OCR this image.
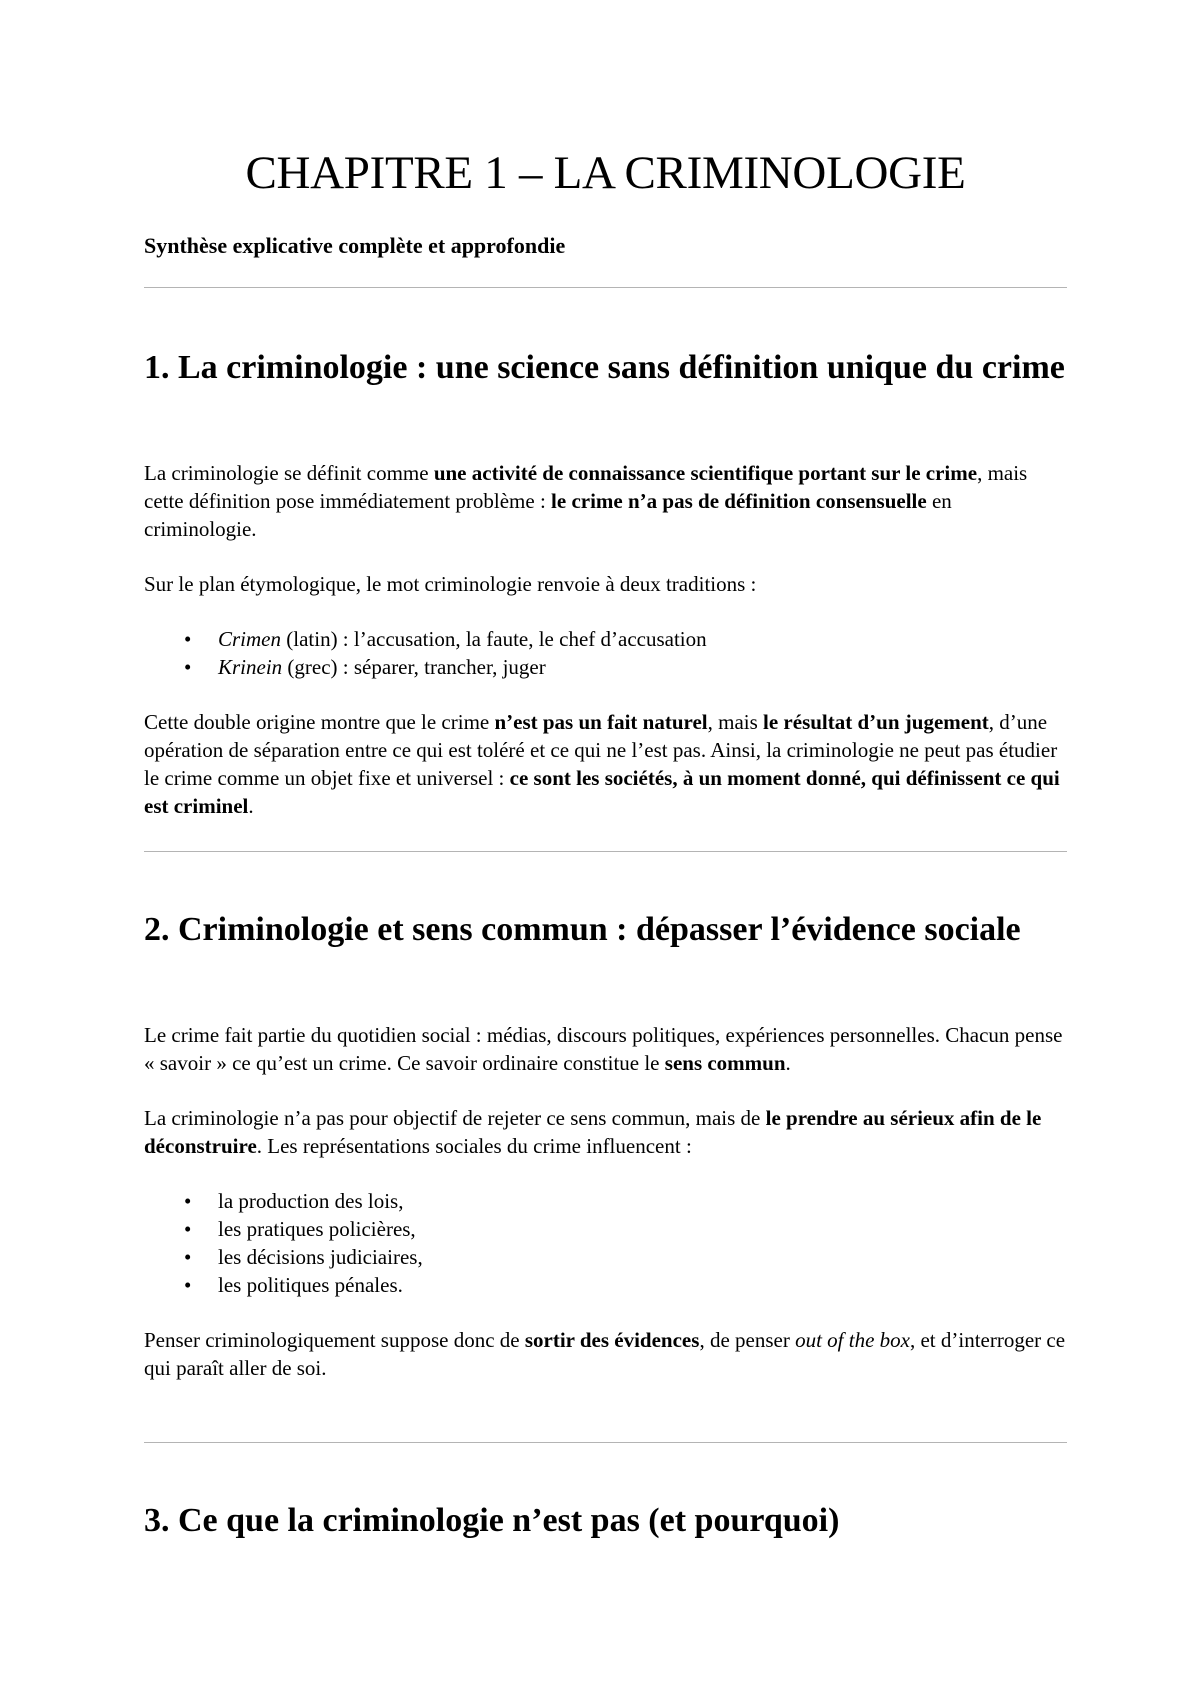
CHAPITRE 1 – LA CRIMINOLOGIE

Synthèse explicative complète et approfondie

1. La criminologie : une science sans définition unique du crime

La criminologie se définit comme une activité de connaissance scientifique portant sur le crime, mais cette définition pose immédiatement problème : le crime n’a pas de définition consensuelle en criminologie.

Sur le plan étymologique, le mot criminologie renvoie à deux traditions :

• Crimen (latin) : l’accusation, la faute, le chef d’accusation
• Krinein (grec) : séparer, trancher, juger

Cette double origine montre que le crime n’est pas un fait naturel, mais le résultat d’un jugement, d’une opération de séparation entre ce qui est toléré et ce qui ne l’est pas. Ainsi, la criminologie ne peut pas étudier le crime comme un objet fixe et universel : ce sont les sociétés, à un moment donné, qui définissent ce qui est criminel.

2. Criminologie et sens commun : dépasser l’évidence sociale

Le crime fait partie du quotidien social : médias, discours politiques, expériences personnelles. Chacun pense « savoir » ce qu’est un crime. Ce savoir ordinaire constitue le sens commun.

La criminologie n’a pas pour objectif de rejeter ce sens commun, mais de le prendre au sérieux afin de le déconstruire. Les représentations sociales du crime influencent :

• la production des lois,
• les pratiques policières,
• les décisions judiciaires,
• les politiques pénales.

Penser criminologiquement suppose donc de sortir des évidences, de penser out of the box, et d’interroger ce qui paraît aller de soi.

3. Ce que la criminologie n’est pas (et pourquoi)
